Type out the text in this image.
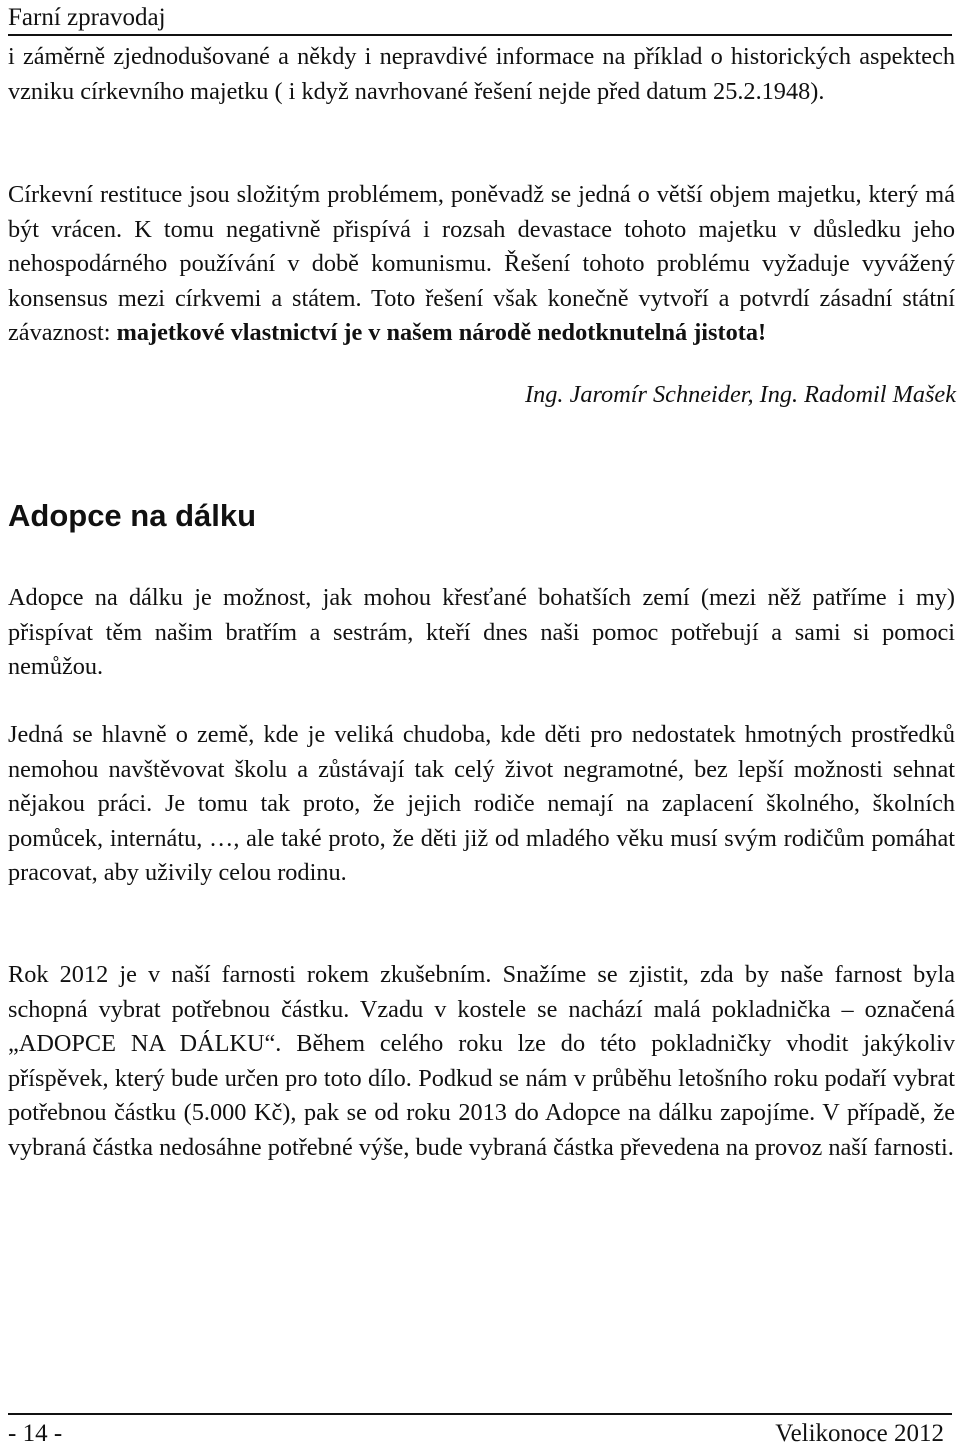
Farní zpravodaj

i záměrně zjednodušované a někdy i nepravdivé informace na příklad o historických aspektech vzniku církevního majetku ( i když navrhované řešení nejde před datum 25.2.1948).

Církevní restituce jsou složitým problémem, poněvadž se jedná o větší objem majetku, který má být vrácen. K tomu negativně přispívá i rozsah devastace tohoto majetku v důsledku jeho nehospodárného používání v době komunismu. Řešení tohoto problému vyžaduje vyvážený konsensus mezi církvemi a státem. Toto řešení však konečně vytvoří a potvrdí zásadní státní závaznost: majetkové vlastnictví je v našem národě nedotknutelná jistota!

Ing. Jaromír Schneider, Ing. Radomil Mašek
Adopce na dálku

Adopce na dálku je možnost, jak mohou křesťané bohatších zemí (mezi něž patříme i my) přispívat těm našim bratřím a sestrám, kteří dnes naši pomoc potřebují a sami si pomoci nemůžou.

Jedná se hlavně o země, kde je veliká chudoba, kde děti pro nedostatek hmotných prostředků nemohou navštěvovat školu a zůstávají tak celý život negramotné, bez lepší možnosti sehnat nějakou práci. Je tomu tak proto, že jejich rodiče nemají na zaplacení školného, školních pomůcek, internátu, …, ale také proto, že děti již od mladého věku musí svým rodičům pomáhat pracovat, aby uživily celou rodinu.

Rok 2012 je v naší farnosti rokem zkušebním. Snažíme se zjistit, zda by naše farnost byla schopná vybrat potřebnou částku. Vzadu v kostele se nachází malá pokladnička – označená „ADOPCE NA DÁLKU“. Během celého roku lze do této pokladničky vhodit jakýkoliv příspěvek, který bude určen pro toto dílo. Podkud se nám v průběhu letošního roku podaří vybrat potřebnou částku (5.000 Kč), pak se od roku 2013 do Adopce na dálku zapojíme. V případě, že vybraná částka nedosáhne potřebné výše, bude vybraná částka převedena na provoz naší farnosti.

- 14 -	Velikonoce 2012
